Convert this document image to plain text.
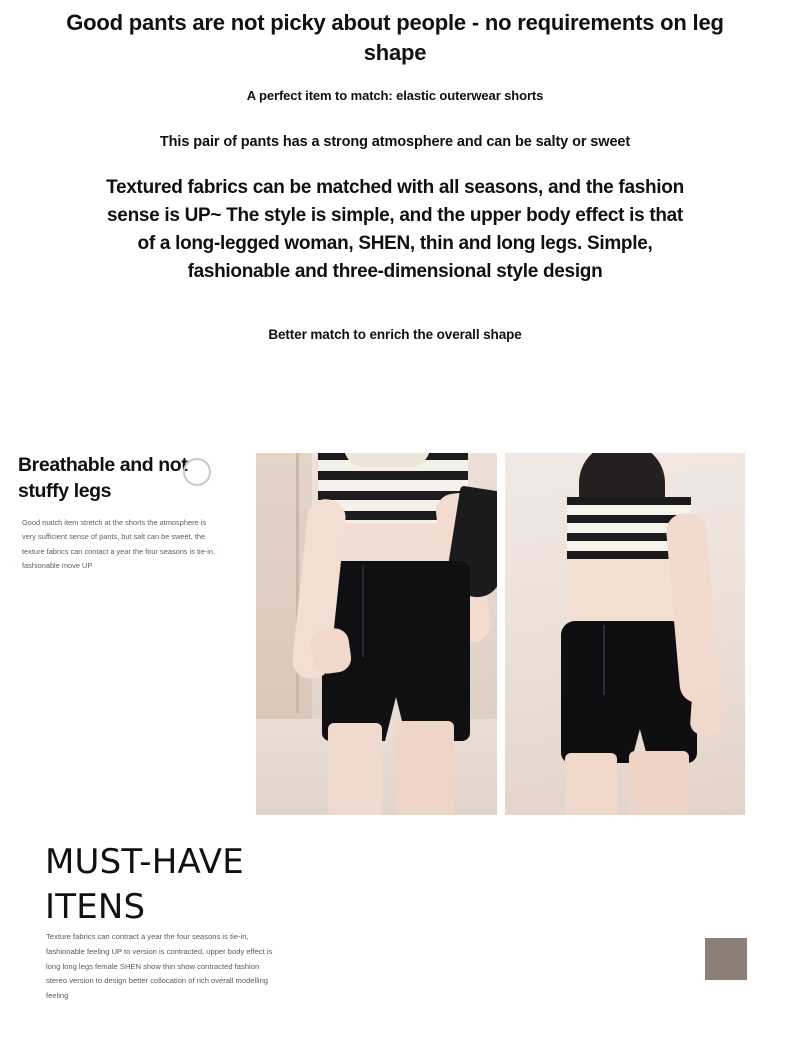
Good pants are not picky about people - no requirements on leg shape
A perfect item to match: elastic outerwear shorts
This pair of pants has a strong atmosphere and can be salty or sweet
Textured fabrics can be matched with all seasons, and the fashion sense is UP~ The style is simple, and the upper body effect is that of a long-legged woman, SHEN, thin and long legs. Simple, fashionable and three-dimensional style design
Better match to enrich the overall shape
Breathable and not stuffy legs
Good match item stretch at the shorts the atmosphere is very sufficient sense of pants, but salt can be sweet, the texture fabrics can contact a year the four seasons is tie-in, fashionable move UP
MUST-HAVE
ITENS
Texture fabrics can contract a year the four seasons is tie-in, fashionable feeling UP to version is contracted, upper body effect is long long legs female SHEN show thin show contracted fashion stereo version to design better collocation of rich overall modelling feeling
